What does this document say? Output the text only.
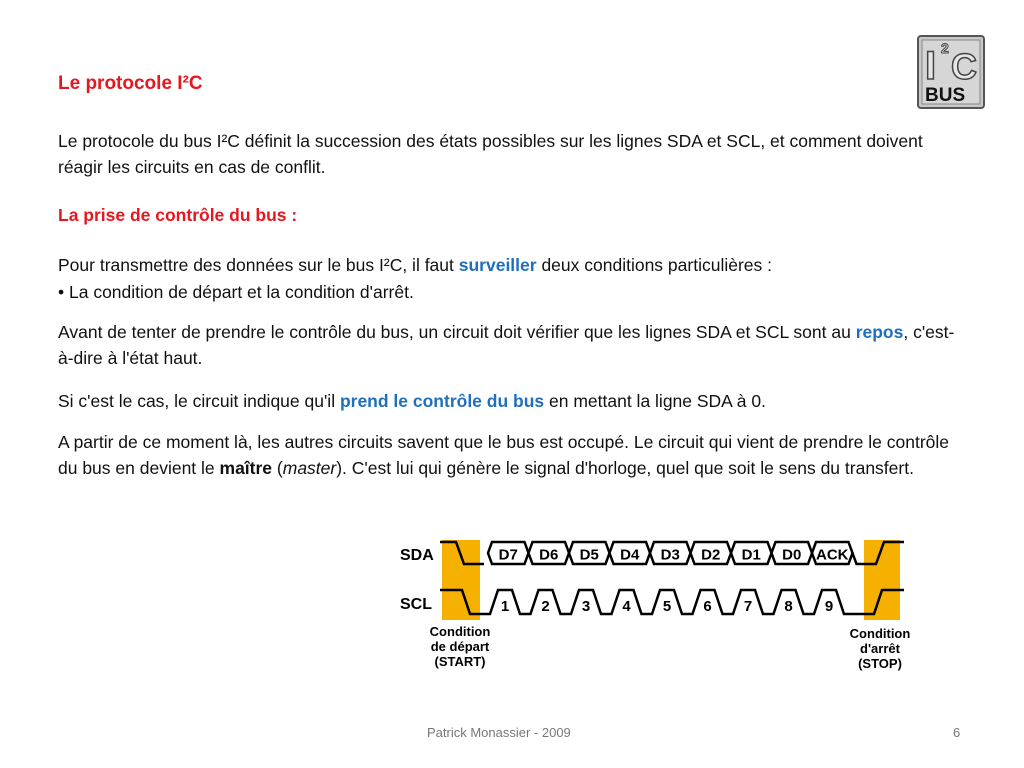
Le protocole I²C	I 2 C
BUS

Le protocole du bus I²C définit la succession des états possibles sur les lignes SDA et SCL, et comment doivent réagir les circuits en cas de conflit.

La prise de contrôle du bus :

Pour transmettre des données sur le bus I²C, il faut surveiller deux conditions particulières :

• La condition de départ et la condition d'arrêt.

Avant de tenter de prendre le contrôle du bus, un circuit doit vérifier que les lignes SDA et SCL sont au repos, c'est-à-dire à l'état haut.

Si c'est le cas, le circuit indique qu'il prend le contrôle du bus en mettant la ligne SDA à 0.

A partir de ce moment là, les autres circuits savent que le bus est occupé. Le circuit qui vient de prendre le contrôle du bus en devient le maître (master). C'est lui qui génère le signal d'horloge, quel que soit le sens du transfert.

SDA
SCL
D7 D6 D5 D4 D3 D2 D1 D0 ACK
1 2 3 4 5 6 7 8 9
Condition
de départ
(START)
Condition
d'arrêt
(STOP)
Patrick Monassier - 2009	6
